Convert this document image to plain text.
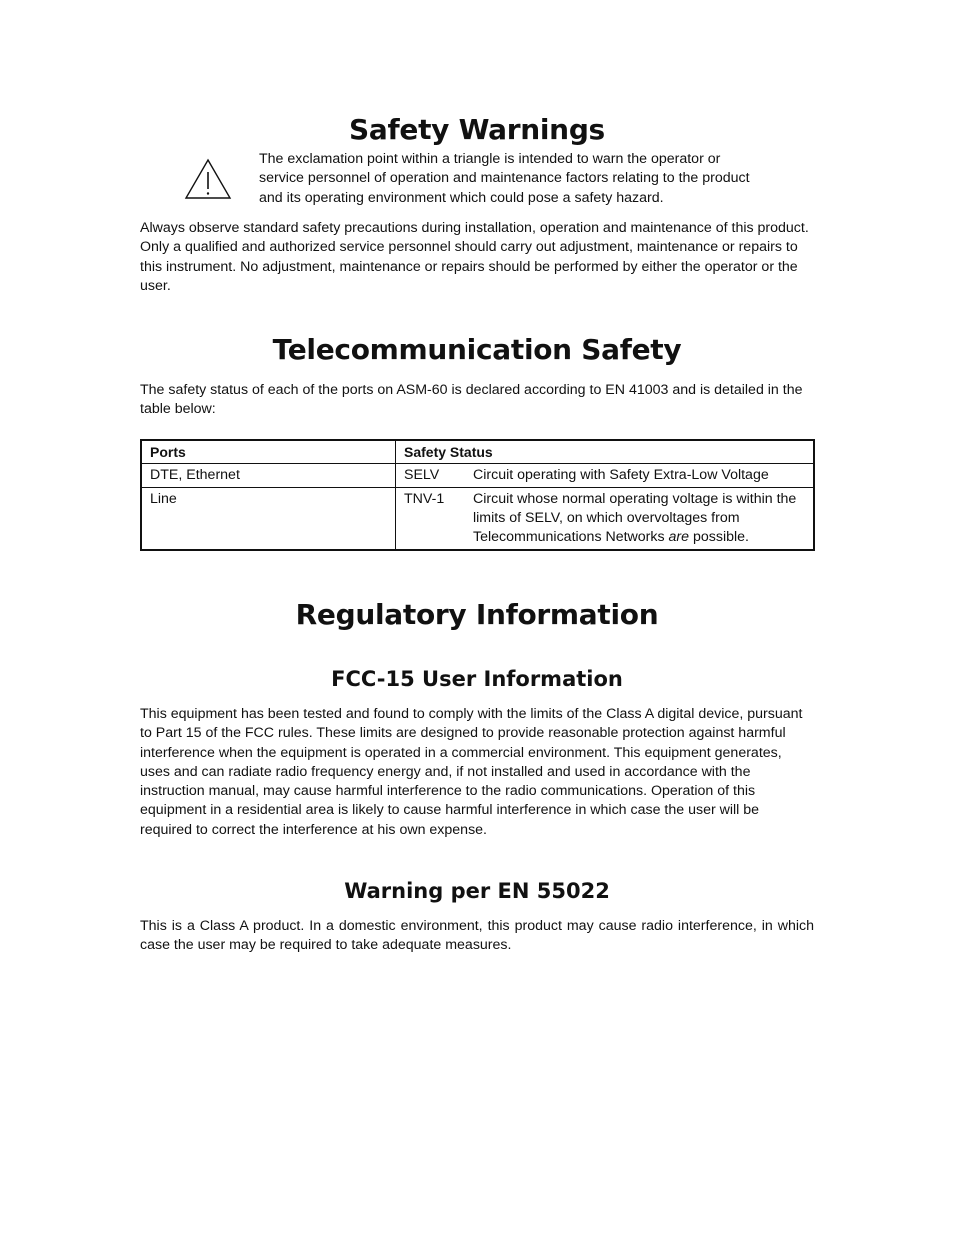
Safety Warnings

The exclamation point within a triangle is intended to warn the operator or service personnel of operation and maintenance factors relating to the product and its operating environment which could pose a safety hazard.

Always observe standard safety precautions during installation, operation and maintenance of this product. Only a qualified and authorized service personnel should carry out adjustment, maintenance or repairs to this instrument. No adjustment, maintenance or repairs should be performed by either the operator or the user.

Telecommunication Safety

The safety status of each of the ports on ASM-60 is declared according to EN 41003 and is detailed in the table below:

Ports	Safety Status
DTE, Ethernet	SELV Circuit operating with Safety Extra-Low Voltage

Line	TNV-1 Circuit whose normal operating voltage is within the limits of SELV, on which overvoltages from Telecommunications Networks are possible.
Regulatory Information
FCC-15 User Information

This equipment has been tested and found to comply with the limits of the Class A digital device, pursuant to Part 15 of the FCC rules. These limits are designed to provide reasonable protection against harmful interference when the equipment is operated in a commercial environment. This equipment generates, uses and can radiate radio frequency energy and, if not installed and used in accordance with the instruction manual, may cause harmful interference to the radio communications. Operation of this equipment in a residential area is likely to cause harmful interference in which case the user will be required to correct the interference at his own expense.

Warning per EN 55022

This is a Class A product. In a domestic environment, this product may cause radio interference, in which case the user may be required to take adequate measures.
